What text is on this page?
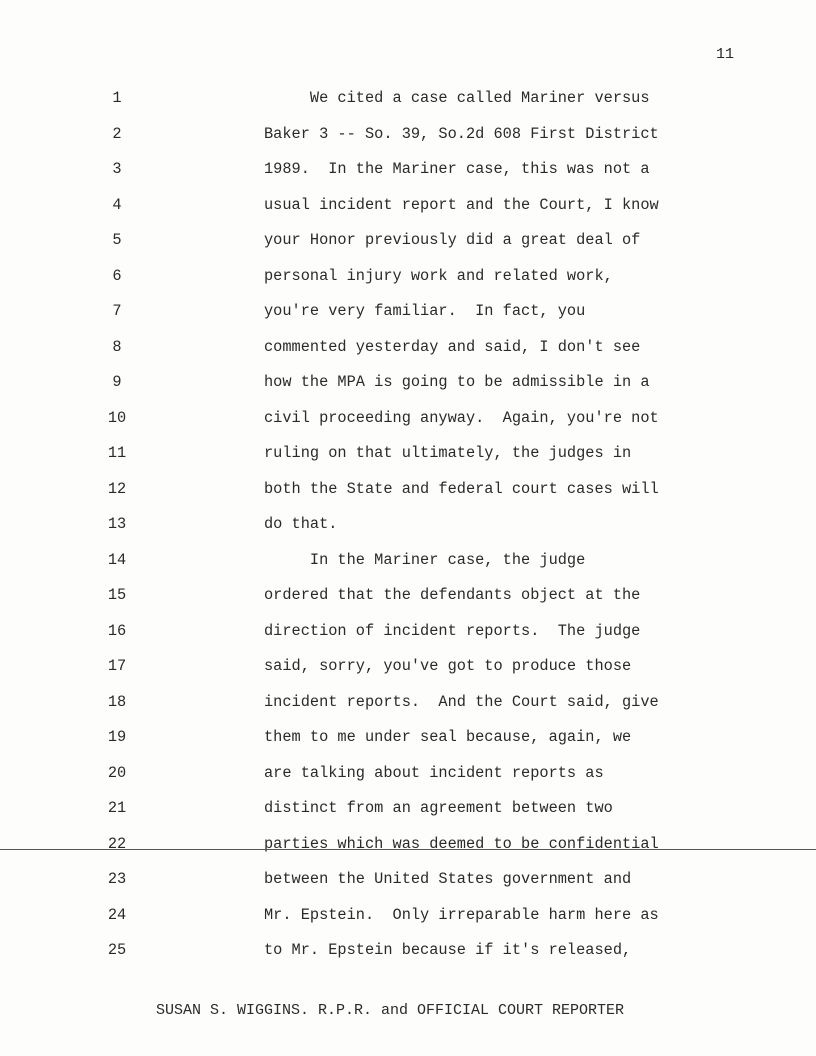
11
1	We cited a case called Mariner versus
2	Baker 3 -- So. 39, So.2d 608 First District
3	1989.  In the Mariner case, this was not a
4	usual incident report and the Court, I know
5	your Honor previously did a great deal of
6	personal injury work and related work,
7	you're very familiar.  In fact, you
8	commented yesterday and said, I don't see
9	how the MPA is going to be admissible in a
10	civil proceeding anyway.  Again, you're not
11	ruling on that ultimately, the judges in
12	both the State and federal court cases will
13	do that.
14	In the Mariner case, the judge
15	ordered that the defendants object at the
16	direction of incident reports.  The judge
17	said, sorry, you've got to produce those
18	incident reports.  And the Court said, give
19	them to me under seal because, again, we
20	are talking about incident reports as
21	distinct from an agreement between two
22	parties which was deemed to be confidential
23	between the United States government and
24	Mr. Epstein.  Only irreparable harm here as
25	to Mr. Epstein because if it's released,
SUSAN S. WIGGINS. R.P.R. and OFFICIAL COURT REPORTER
